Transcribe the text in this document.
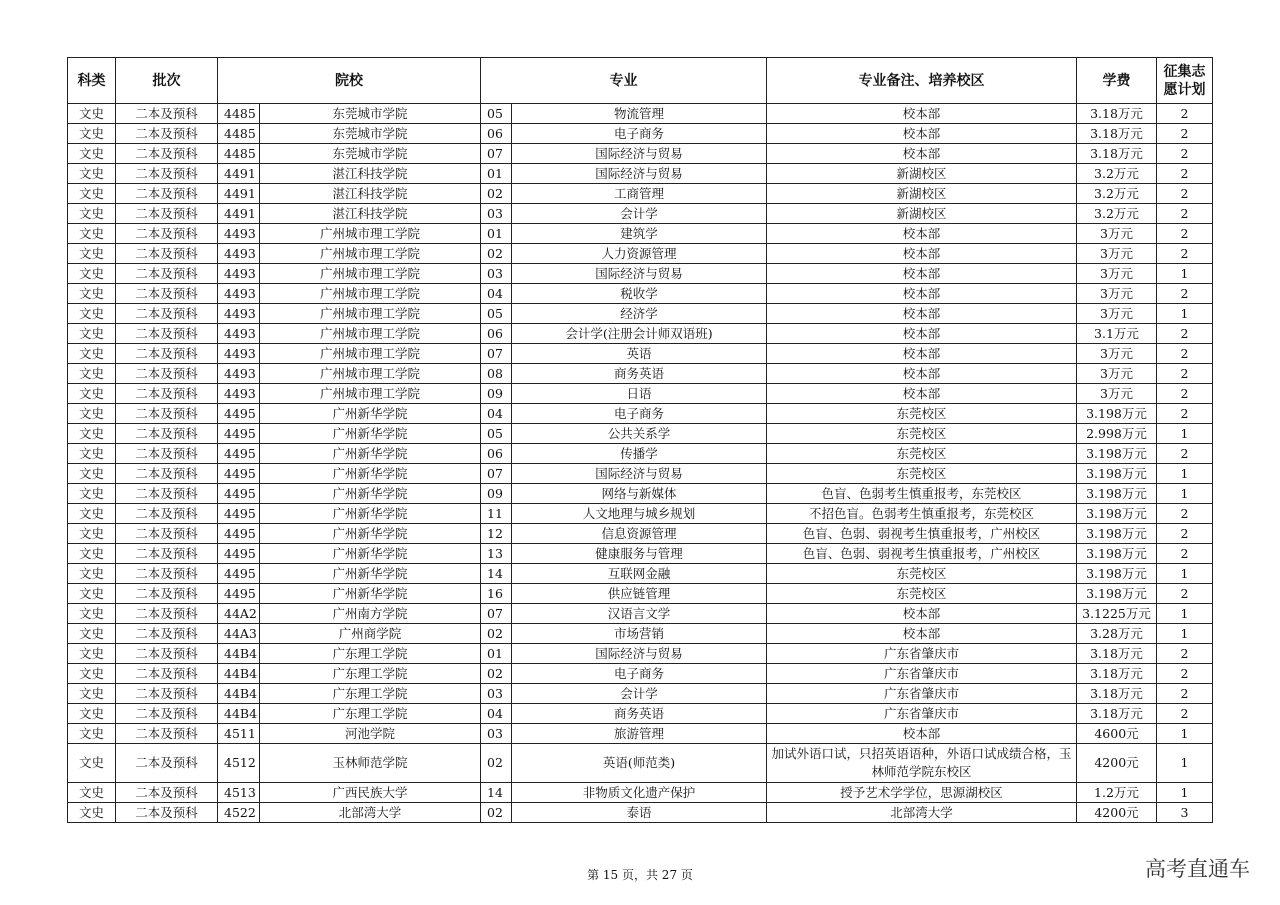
科类	批次	院校		专业		专业备注、培养校区	学费	征集志愿计划
文史	二本及预科	4485	东莞城市学院	05	物流管理	校本部	3.18万元	2
文史	二本及预科	4485	东莞城市学院	06	电子商务	校本部	3.18万元	2
文史	二本及预科	4485	东莞城市学院	07	国际经济与贸易	校本部	3.18万元	2
文史	二本及预科	4491	湛江科技学院	01	国际经济与贸易	新湖校区	3.2万元	2
文史	二本及预科	4491	湛江科技学院	02	工商管理	新湖校区	3.2万元	2
文史	二本及预科	4491	湛江科技学院	03	会计学	新湖校区	3.2万元	2
文史	二本及预科	4493	广州城市理工学院	01	建筑学	校本部	3万元	2
文史	二本及预科	4493	广州城市理工学院	02	人力资源管理	校本部	3万元	2
文史	二本及预科	4493	广州城市理工学院	03	国际经济与贸易	校本部	3万元	1
文史	二本及预科	4493	广州城市理工学院	04	税收学	校本部	3万元	2
文史	二本及预科	4493	广州城市理工学院	05	经济学	校本部	3万元	1
文史	二本及预科	4493	广州城市理工学院	06	会计学(注册会计师双语班)	校本部	3.1万元	2
文史	二本及预科	4493	广州城市理工学院	07	英语	校本部	3万元	2
文史	二本及预科	4493	广州城市理工学院	08	商务英语	校本部	3万元	2
文史	二本及预科	4493	广州城市理工学院	09	日语	校本部	3万元	2
文史	二本及预科	4495	广州新华学院	04	电子商务	东莞校区	3.198万元	2
文史	二本及预科	4495	广州新华学院	05	公共关系学	东莞校区	2.998万元	1
文史	二本及预科	4495	广州新华学院	06	传播学	东莞校区	3.198万元	2
文史	二本及预科	4495	广州新华学院	07	国际经济与贸易	东莞校区	3.198万元	1
文史	二本及预科	4495	广州新华学院	09	网络与新媒体	色盲、色弱考生慎重报考，东莞校区	3.198万元	1
文史	二本及预科	4495	广州新华学院	11	人文地理与城乡规划	不招色盲。色弱考生慎重报考，东莞校区	3.198万元	2
文史	二本及预科	4495	广州新华学院	12	信息资源管理	色盲、色弱、弱视考生慎重报考，广州校区	3.198万元	2
文史	二本及预科	4495	广州新华学院	13	健康服务与管理	色盲、色弱、弱视考生慎重报考，广州校区	3.198万元	2
文史	二本及预科	4495	广州新华学院	14	互联网金融	东莞校区	3.198万元	1
文史	二本及预科	4495	广州新华学院	16	供应链管理	东莞校区	3.198万元	2
文史	二本及预科	44A2	广州南方学院	07	汉语言文学	校本部	3.1225万元	1
文史	二本及预科	44A3	广州商学院	02	市场营销	校本部	3.28万元	1
文史	二本及预科	44B4	广东理工学院	01	国际经济与贸易	广东省肇庆市	3.18万元	2
文史	二本及预科	44B4	广东理工学院	02	电子商务	广东省肇庆市	3.18万元	2
文史	二本及预科	44B4	广东理工学院	03	会计学	广东省肇庆市	3.18万元	2
文史	二本及预科	44B4	广东理工学院	04	商务英语	广东省肇庆市	3.18万元	2
文史	二本及预科	4511	河池学院	03	旅游管理	校本部	4600元	1
文史	二本及预科	4512	玉林师范学院	02	英语(师范类)	加试外语口试，只招英语语种，外语口试成绩合格，玉林师范学院东校区	4200元	1
文史	二本及预科	4513	广西民族大学	14	非物质文化遗产保护	授予艺术学学位，思源湖校区	1.2万元	1
文史	二本及预科	4522	北部湾大学	02	泰语	北部湾大学	4200元	3
第 15 页，共 27 页	高考直通车
